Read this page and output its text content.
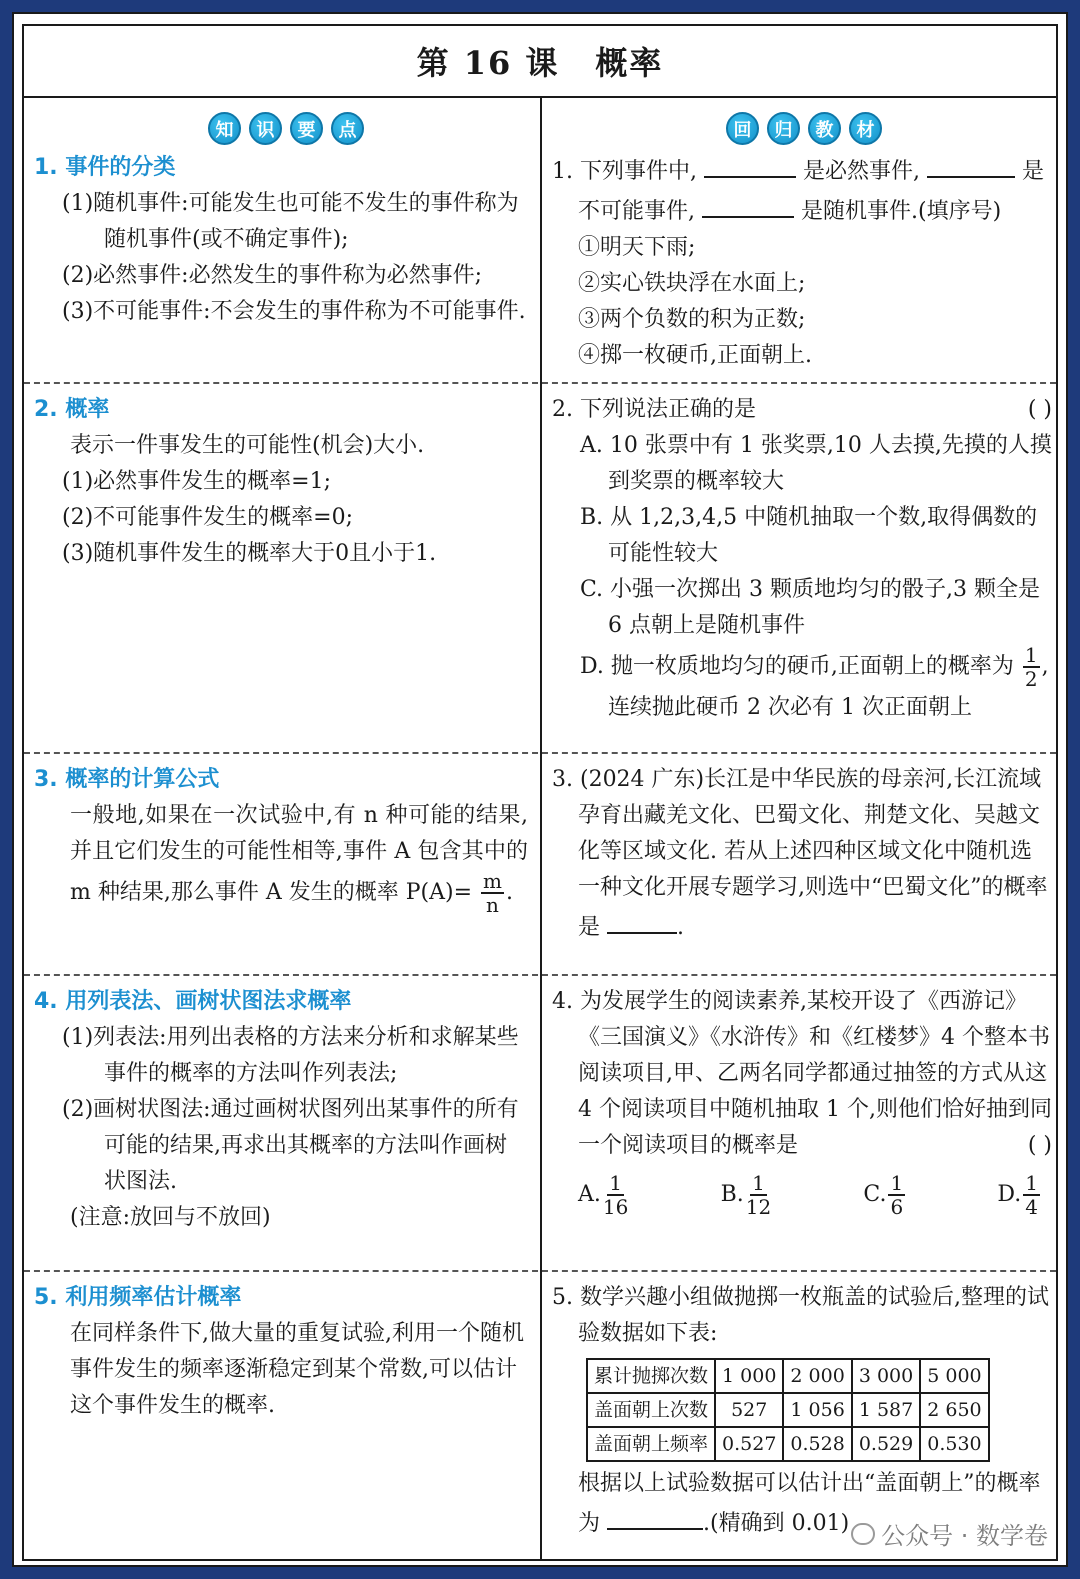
第 16 课 概率
知	识	要	点	回	归	教	材
1. 事件的分类
(1)随机事件:可能发生也可能不发生的事件称为随机事件(或不确定事件);
(2)必然事件:必然发生的事件称为必然事件;
(3)不可能事件:不会发生的事件称为不可能事件.
1. 下列事件中,	是必然事件,	是不可能事件,	是随机事件.(填序号)
①明天下雨;
②实心铁块浮在水面上;
③两个负数的积为正数;
④掷一枚硬币,正面朝上.
2. 概率
表示一件事发生的可能性(机会)大小.
(1)必然事件发生的概率=1;
(2)不可能事件发生的概率=0;
(3)随机事件发生的概率大于0且小于1.
2. 下列说法正确的是	( )
A. 10 张票中有 1 张奖票,10 人去摸,先摸的人摸到奖票的概率较大
B. 从 1,2,3,4,5 中随机抽取一个数,取得偶数的可能性较大
C. 小强一次掷出 3 颗质地均匀的骰子,3 颗全是 6 点朝上是随机事件
D. 抛一枚质地均匀的硬币,正面朝上的概率为 $\frac{1}{2}$ ,连续抛此硬币 2 次必有 1 次正面朝上
3. 概率的计算公式
一般地,如果在一次试验中,有 n 种可能的结果,并且它们发生的可能性相等,事件 A 包含其中的 m 种结果,那么事件 A 发生的概率 $P(A)= \frac{m}{n}$ .
3. (2024 广东)长江是中华民族的母亲河,长江流域孕育出藏羌文化、巴蜀文化、荆楚文化、吴越文化等区域文化. 若从上述四种区域文化中随机选一种文化开展专题学习,则选中“巴蜀文化”的概率是	.
4. 用列表法、画树状图法求概率
(1)列表法:用列出表格的方法来分析和求解某些事件的概率的方法叫作列表法;
(2)画树状图法:通过画树状图列出某事件的所有可能的结果,再求出其概率的方法叫作画树状图法.
(注意:放回与不放回)
4. 为发展学生的阅读素养,某校开设了《西游记》《三国演义》《水浒传》和《红楼梦》4 个整本书阅读项目,甲、乙两名同学都通过抽签的方式从这 4 个阅读项目中随机抽取 1 个,则他们恰好抽到同一个阅读项目的概率是	( )
A. $\frac{1}{16}$	B. $\frac{1}{12}$	C. $\frac{1}{6}$	D. $\frac{1}{4}$
5. 利用频率估计概率
在同样条件下,做大量的重复试验,利用一个随机事件发生的频率逐渐稳定到某个常数,可以估计这个事件发生的概率.
5. 数学兴趣小组做抛掷一枚瓶盖的试验后,整理的试验数据如下表:
累计抛掷次数	1 000	2 000	3 000	5 000
盖面朝上次数	527	1 056	1 587	2 650
盖面朝上频率	0.527	0.528	0.529	0.530
根据以上试验数据可以估计出“盖面朝上”的概率为	.(精确到 0.01)	公众号 · 数学卷
